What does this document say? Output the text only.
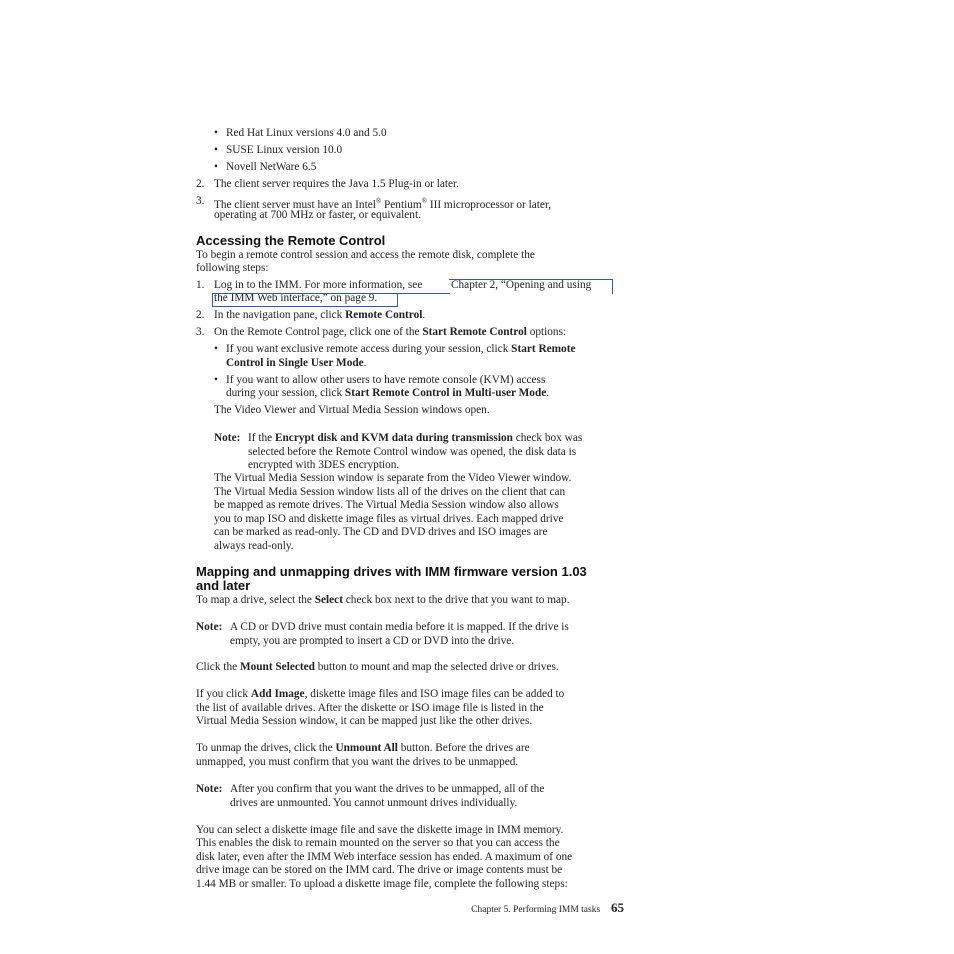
• Red Hat Linux versions 4.0 and 5.0
• SUSE Linux version 10.0
• Novell NetWare 6.5
2. The client server requires the Java 1.5 Plug-in or later.
3. The client server must have an Intel® Pentium® III microprocessor or later,
operating at 700 MHz or faster, or equivalent.
Accessing the Remote Control
To begin a remote control session and access the remote disk, complete the
following steps:
1. Log in to the IMM. For more information, see	Chapter 2, “Opening and using
the IMM Web interface,” on page 9.
2. In the navigation pane, click Remote Control.
3. On the Remote Control page, click one of the Start Remote Control options:
• If you want exclusive remote access during your session, click Start Remote
Control in Single User Mode.
• If you want to allow other users to have remote console (KVM) access
during your session, click Start Remote Control in Multi-user Mode.
The Video Viewer and Virtual Media Session windows open.
Note: If the Encrypt disk and KVM data during transmission check box was
selected before the Remote Control window was opened, the disk data is
encrypted with 3DES encryption.
The Virtual Media Session window is separate from the Video Viewer window.
The Virtual Media Session window lists all of the drives on the client that can
be mapped as remote drives. The Virtual Media Session window also allows
you to map ISO and diskette image files as virtual drives. Each mapped drive
can be marked as read-only. The CD and DVD drives and ISO images are
always read-only.
Mapping and unmapping drives with IMM firmware version 1.03
and later
To map a drive, select the Select check box next to the drive that you want to map.
Note: A CD or DVD drive must contain media before it is mapped. If the drive is
empty, you are prompted to insert a CD or DVD into the drive.
Click the Mount Selected button to mount and map the selected drive or drives.
If you click Add Image, diskette image files and ISO image files can be added to
the list of available drives. After the diskette or ISO image file is listed in the
Virtual Media Session window, it can be mapped just like the other drives.
To unmap the drives, click the Unmount All button. Before the drives are
unmapped, you must confirm that you want the drives to be unmapped.
Note: After you confirm that you want the drives to be unmapped, all of the
drives are unmounted. You cannot unmount drives individually.
You can select a diskette image file and save the diskette image in IMM memory.
This enables the disk to remain mounted on the server so that you can access the
disk later, even after the IMM Web interface session has ended. A maximum of one
drive image can be stored on the IMM card. The drive or image contents must be
1.44 MB or smaller. To upload a diskette image file, complete the following steps:
Chapter 5. Performing IMM tasks 65
